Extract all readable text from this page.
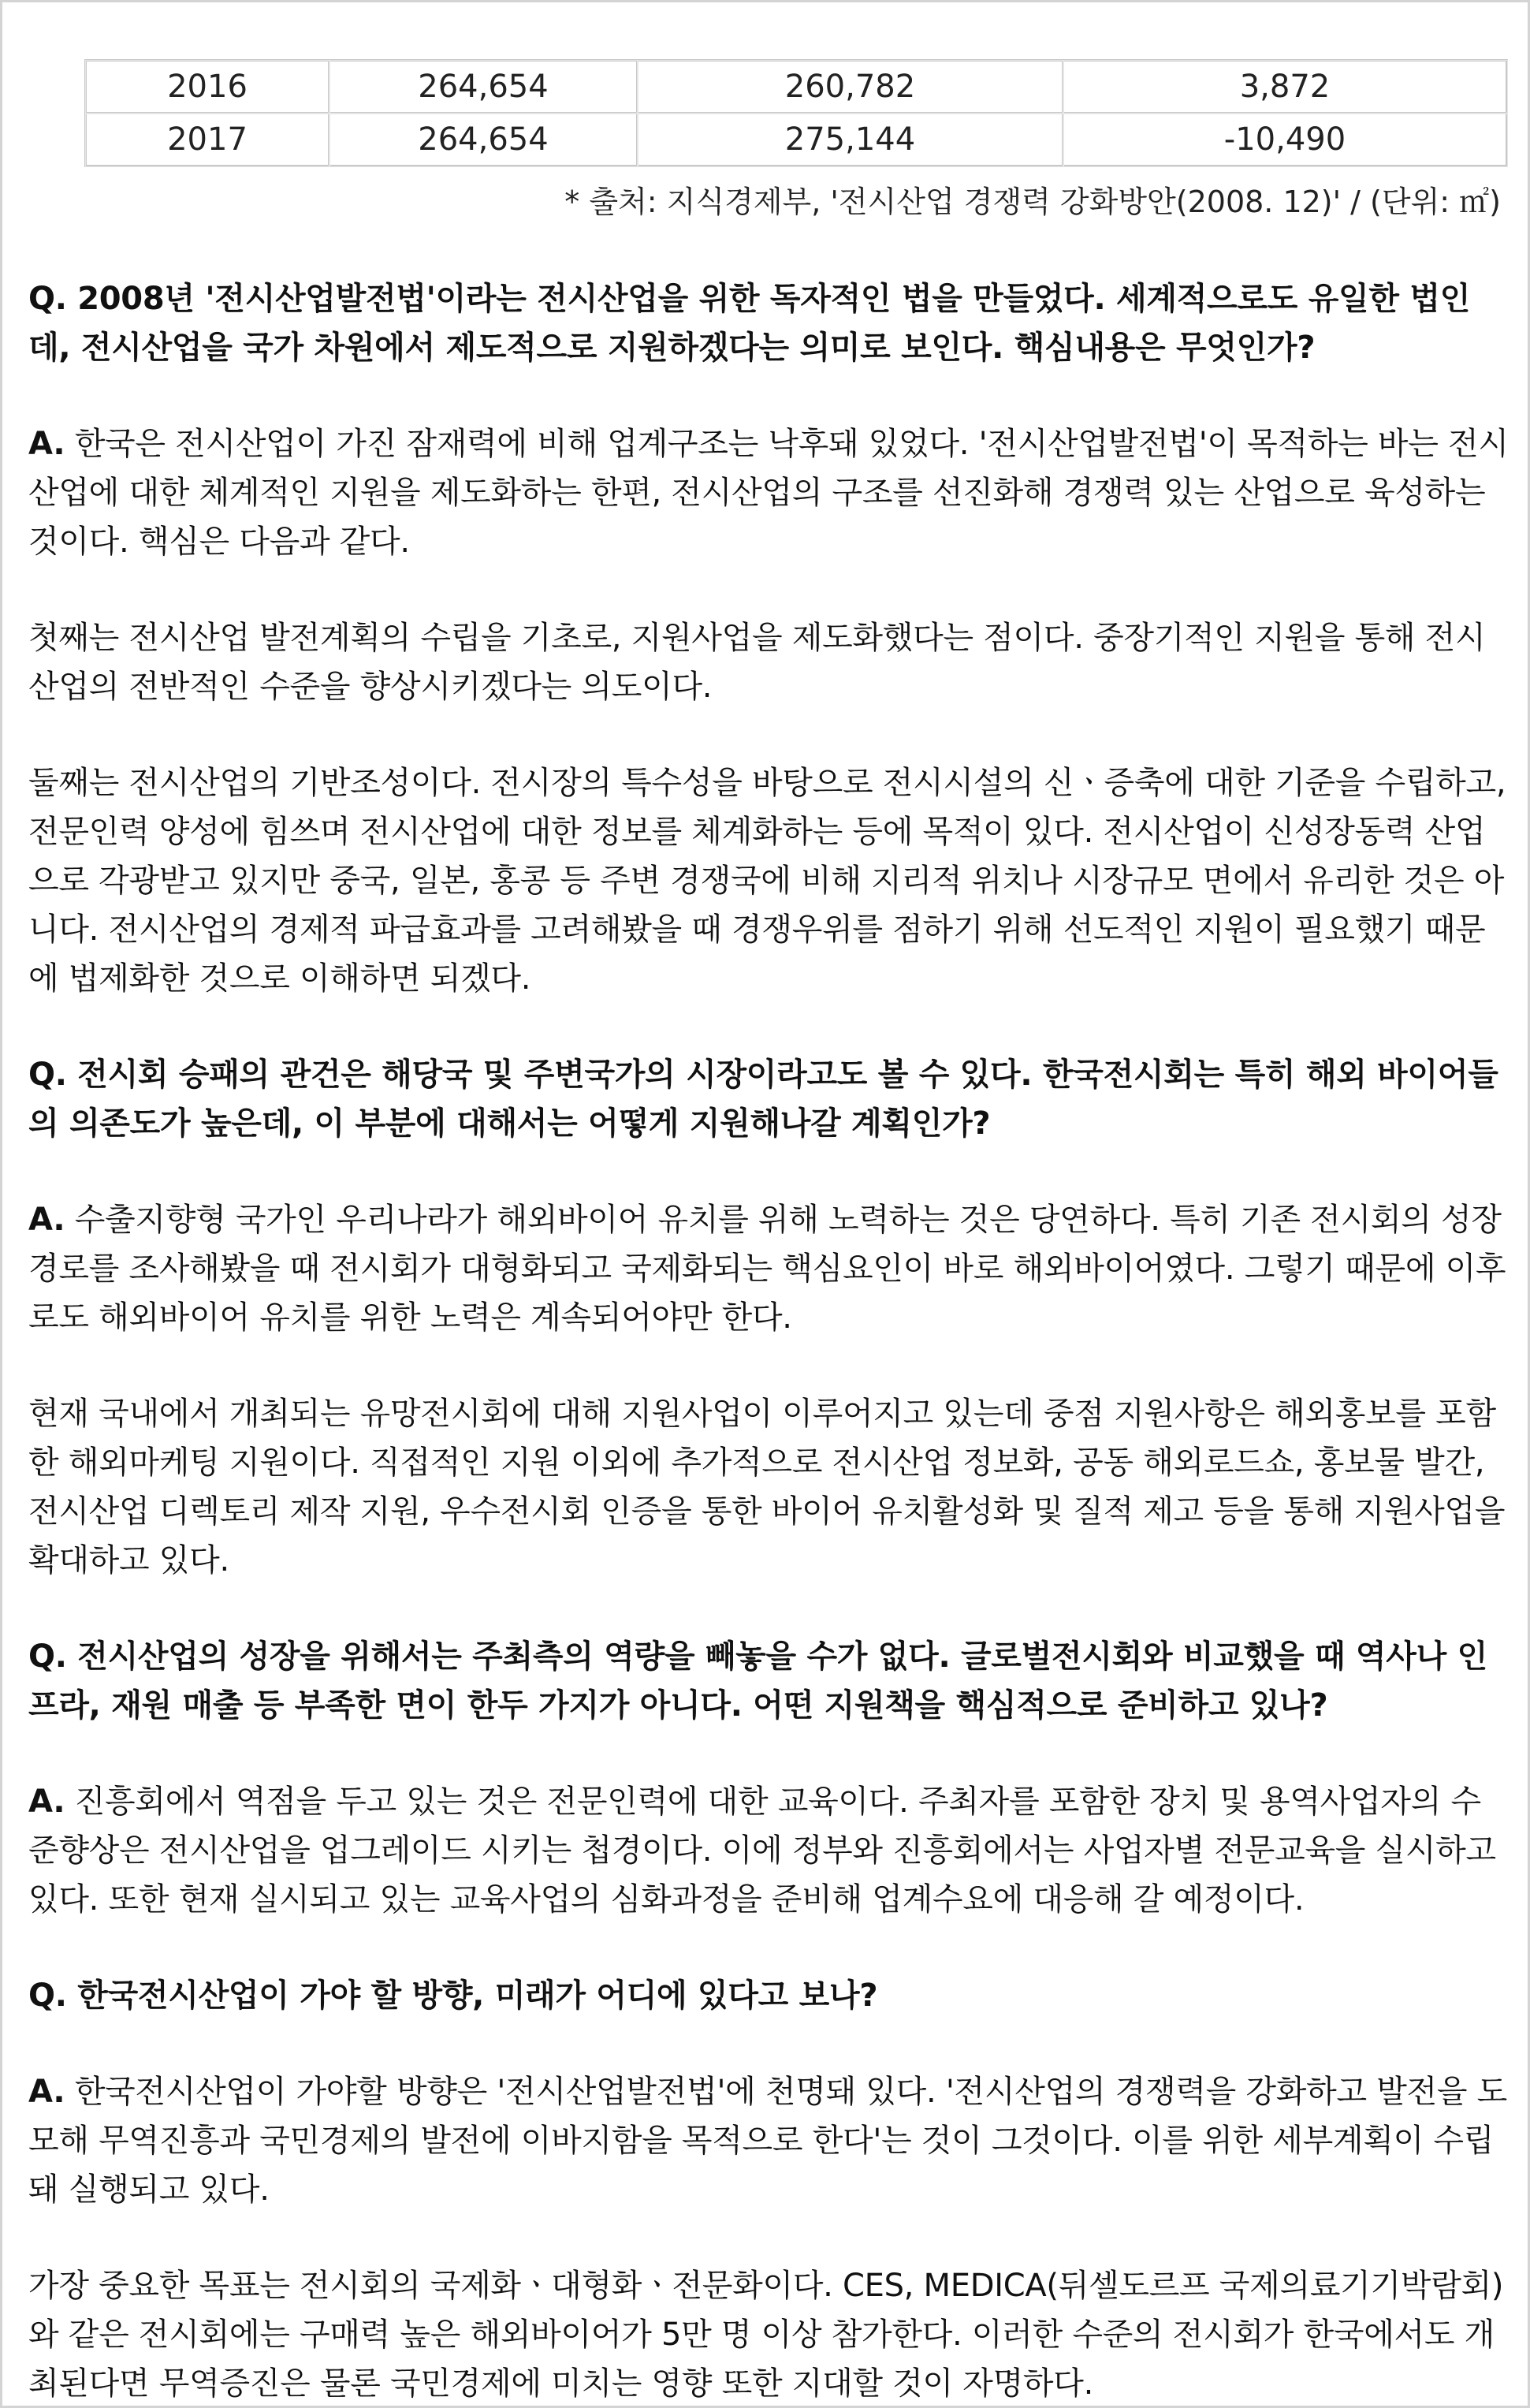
2016	264,654	260,782	3,872
2017	264,654	275,144	-10,490
* 출처: 지식경제부, '전시산업 경쟁력 강화방안(2008. 12)' / (단위: ㎡)

Q. 2008년 '전시산업발전법'이라는 전시산업을 위한 독자적인 법을 만들었다. 세계적으로도 유일한 법인데, 전시산업을 국가 차원에서 제도적으로 지원하겠다는 의미로 보인다. 핵심내용은 무엇인가?

A. 한국은 전시산업이 가진 잠재력에 비해 업계구조는 낙후돼 있었다. '전시산업발전법'이 목적하는 바는 전시산업에 대한 체계적인 지원을 제도화하는 한편, 전시산업의 구조를 선진화해 경쟁력 있는 산업으로 육성하는 것이다. 핵심은 다음과 같다.

첫째는 전시산업 발전계획의 수립을 기초로, 지원사업을 제도화했다는 점이다. 중장기적인 지원을 통해 전시산업의 전반적인 수준을 향상시키겠다는 의도이다.

둘째는 전시산업의 기반조성이다. 전시장의 특수성을 바탕으로 전시시설의 신ㆍ증축에 대한 기준을 수립하고, 전문인력 양성에 힘쓰며 전시산업에 대한 정보를 체계화하는 등에 목적이 있다. 전시산업이 신성장동력 산업으로 각광받고 있지만 중국, 일본, 홍콩 등 주변 경쟁국에 비해 지리적 위치나 시장규모 면에서 유리한 것은 아니다. 전시산업의 경제적 파급효과를 고려해봤을 때 경쟁우위를 점하기 위해 선도적인 지원이 필요했기 때문에 법제화한 것으로 이해하면 되겠다.

Q. 전시회 승패의 관건은 해당국 및 주변국가의 시장이라고도 볼 수 있다. 한국전시회는 특히 해외 바이어들의 의존도가 높은데, 이 부분에 대해서는 어떻게 지원해나갈 계획인가?

A. 수출지향형 국가인 우리나라가 해외바이어 유치를 위해 노력하는 것은 당연하다. 특히 기존 전시회의 성장경로를 조사해봤을 때 전시회가 대형화되고 국제화되는 핵심요인이 바로 해외바이어였다. 그렇기 때문에 이후로도 해외바이어 유치를 위한 노력은 계속되어야만 한다.

현재 국내에서 개최되는 유망전시회에 대해 지원사업이 이루어지고 있는데 중점 지원사항은 해외홍보를 포함한 해외마케팅 지원이다. 직접적인 지원 이외에 추가적으로 전시산업 정보화, 공동 해외로드쇼, 홍보물 발간, 전시산업 디렉토리 제작 지원, 우수전시회 인증을 통한 바이어 유치활성화 및 질적 제고 등을 통해 지원사업을 확대하고 있다.

Q. 전시산업의 성장을 위해서는 주최측의 역량을 빼놓을 수가 없다. 글로벌전시회와 비교했을 때 역사나 인프라, 재원 매출 등 부족한 면이 한두 가지가 아니다. 어떤 지원책을 핵심적으로 준비하고 있나?

A. 진흥회에서 역점을 두고 있는 것은 전문인력에 대한 교육이다. 주최자를 포함한 장치 및 용역사업자의 수준향상은 전시산업을 업그레이드 시키는 첩경이다. 이에 정부와 진흥회에서는 사업자별 전문교육을 실시하고 있다. 또한 현재 실시되고 있는 교육사업의 심화과정을 준비해 업계수요에 대응해 갈 예정이다.

Q. 한국전시산업이 가야 할 방향, 미래가 어디에 있다고 보나?

A. 한국전시산업이 가야할 방향은 '전시산업발전법'에 천명돼 있다. '전시산업의 경쟁력을 강화하고 발전을 도모해 무역진흥과 국민경제의 발전에 이바지함을 목적으로 한다'는 것이 그것이다. 이를 위한 세부계획이 수립돼 실행되고 있다.

가장 중요한 목표는 전시회의 국제화ㆍ대형화ㆍ전문화이다. CES, MEDICA(뒤셀도르프 국제의료기기박람회)와 같은 전시회에는 구매력 높은 해외바이어가 5만 명 이상 참가한다. 이러한 수준의 전시회가 한국에서도 개최된다면 무역증진은 물론 국민경제에 미치는 영향 또한 지대할 것이 자명하다.
